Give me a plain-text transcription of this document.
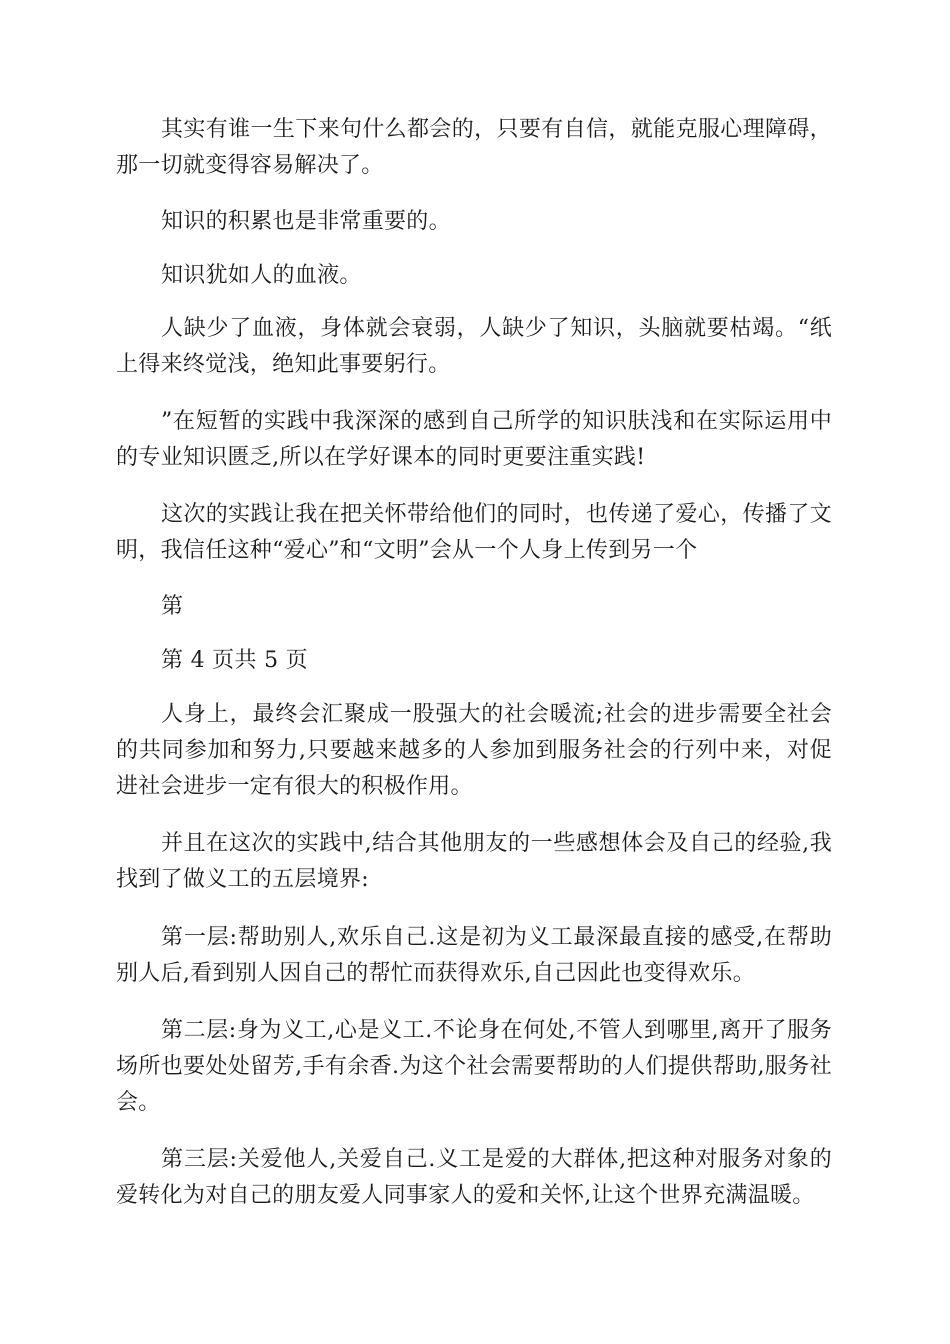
其实有谁一生下来句什么都会的，只要有自信，就能克服心理障碍，那一切就变得容易解决了。

知识的积累也是非常重要的。

知识犹如人的血液。

人缺少了血液，身体就会衰弱，人缺少了知识，头脑就要枯竭。“纸上得来终觉浅，绝知此事要躬行。

”在短暂的实践中我深深的感到自己所学的知识肤浅和在实际运用中的专业知识匮乏,所以在学好课本的同时更要注重实践!

这次的实践让我在把关怀带给他们的同时，也传递了爱心，传播了文明，我信任这种“爱心”和“文明”会从一个人身上传到另一个

第

第 4 页共 5 页

人身上，最终会汇聚成一股强大的社会暖流;社会的进步需要全社会的共同参加和努力,只要越来越多的人参加到服务社会的行列中来，对促进社会进步一定有很大的积极作用。

并且在这次的实践中,结合其他朋友的一些感想体会及自己的经验,我找到了做义工的五层境界:

第一层:帮助别人,欢乐自己.这是初为义工最深最直接的感受,在帮助别人后,看到别人因自己的帮忙而获得欢乐,自己因此也变得欢乐。

第二层:身为义工,心是义工.不论身在何处,不管人到哪里,离开了服务场所也要处处留芳,手有余香.为这个社会需要帮助的人们提供帮助,服务社会。

第三层:关爱他人,关爱自己.义工是爱的大群体,把这种对服务对象的爱转化为对自己的朋友爱人同事家人的爱和关怀,让这个世界充满温暖。
